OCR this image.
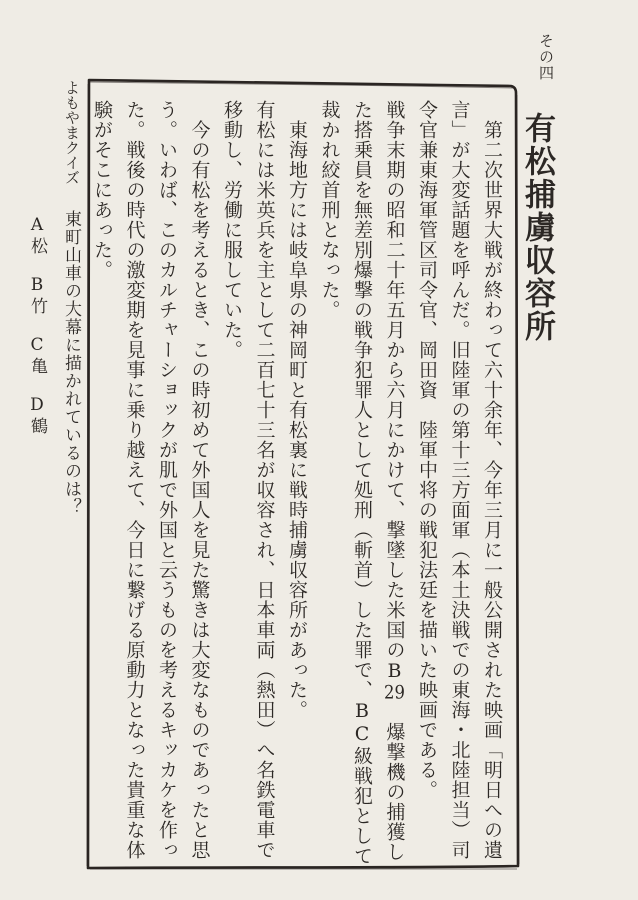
その四
有松捕虜収容所
第二次世界大戦が終わって六十余年、今年三月に一般公開された映画「明日への遺
言」が大変話題を呼んだ。旧陸軍の第十三方面軍（本土決戦での東海・北陸担当）司
令官兼東海軍管区司令官、岡田資　陸軍中将の戦犯法廷を描いた映画である。
戦争末期の昭和二十年五月から六月にかけて、撃墜した米国のB29　爆撃機の捕獲し
た搭乗員を無差別爆撃の戦争犯罪人として処刑（斬首）した罪で、BC級戦犯として
裁かれ絞首刑となった。
東海地方には岐阜県の神岡町と有松裏に戦時捕虜収容所があった。
有松には米英兵を主として二百七十三名が収容され、日本車両（熱田）へ名鉄電車で
移動し、労働に服していた。
今の有松を考えるとき、この時初めて外国人を見た驚きは大変なものであったと思
う。いわば、このカルチャーショックが肌で外国と云うものを考えるキッカケを作っ
た。戦後の時代の激変期を見事に乗り越えて、今日に繋げる原動力となった貴重な体
験がそこにあった。
よもやまクイズ
東町山車の大幕に描かれているのは？
A松B竹C亀D鶴
